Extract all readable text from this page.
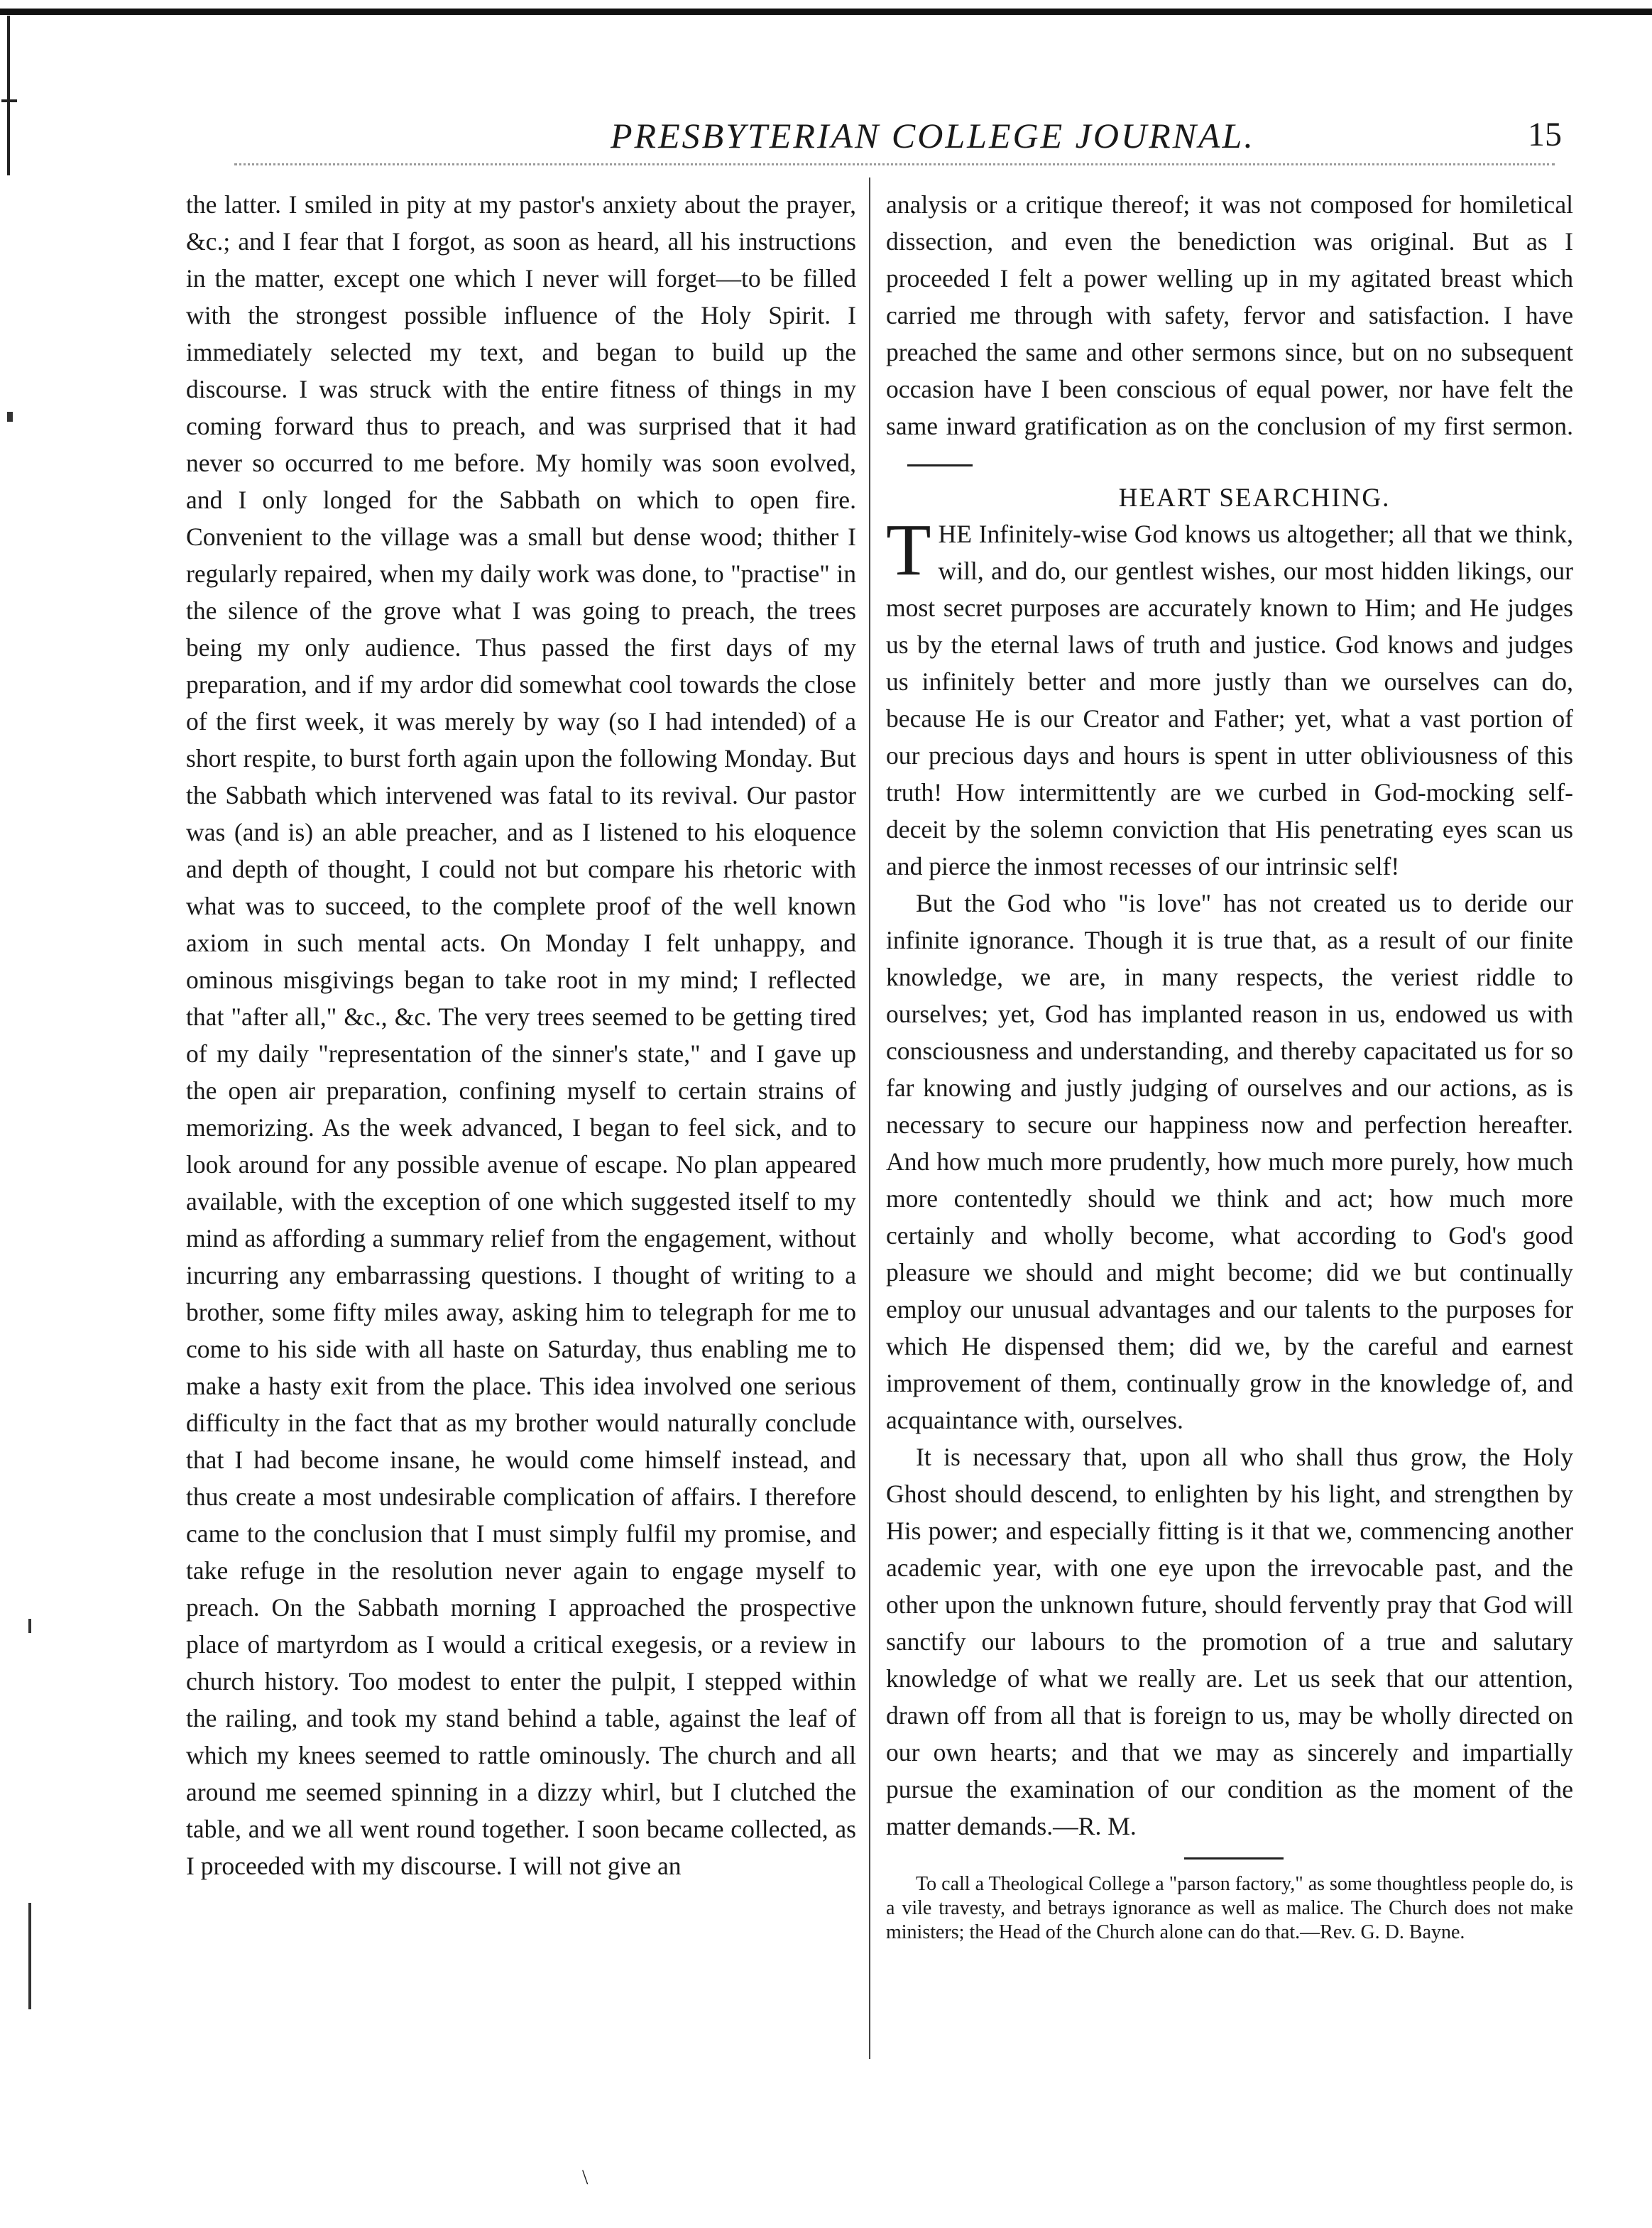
PRESBYTERIAN COLLEGE JOURNAL.	15

the latter. I smiled in pity at my pastor's anxiety about the prayer, &c.; and I fear that I forgot, as soon as heard, all his instructions in the matter, except one which I never will forget—to be filled with the strongest possible influence of the Holy Spirit. I immediately selected my text, and began to build up the discourse. I was struck with the entire fitness of things in my coming forward thus to preach, and was surprised that it had never so occurred to me before. My homily was soon evolved, and I only longed for the Sabbath on which to open fire. Convenient to the village was a small but dense wood; thither I regularly repaired, when my daily work was done, to "practise" in the silence of the grove what I was going to preach, the trees being my only audience. Thus passed the first days of my preparation, and if my ardor did somewhat cool towards the close of the first week, it was merely by way (so I had intended) of a short respite, to burst forth again upon the following Monday. But the Sabbath which intervened was fatal to its revival. Our pastor was (and is) an able preacher, and as I listened to his eloquence and depth of thought, I could not but compare his rhetoric with what was to succeed, to the complete proof of the well known axiom in such mental acts. On Monday I felt unhappy, and ominous misgivings began to take root in my mind; I reflected that "after all," &c., &c. The very trees seemed to be getting tired of my daily "representation of the sinner's state," and I gave up the open air preparation, confining myself to certain strains of memorizing. As the week advanced, I began to feel sick, and to look around for any possible avenue of escape. No plan appeared available, with the exception of one which suggested itself to my mind as affording a summary relief from the engagement, without incurring any embarrassing questions. I thought of writing to a brother, some fifty miles away, asking him to telegraph for me to come to his side with all haste on Saturday, thus enabling me to make a hasty exit from the place. This idea involved one serious difficulty in the fact that as my brother would naturally conclude that I had become insane, he would come himself instead, and thus create a most undesirable complication of affairs. I therefore came to the conclusion that I must simply fulfil my promise, and take refuge in the resolution never again to engage myself to preach. On the Sabbath morning I approached the prospective place of martyrdom as I would a critical exegesis, or a review in church history. Too modest to enter the pulpit, I stepped within the railing, and took my stand behind a table, against the leaf of which my knees seemed to rattle ominously. The church and all around me seemed spinning in a dizzy whirl, but I clutched the table, and we all went round together. I soon became collected, as I proceeded with my discourse. I will not give an

analysis or a critique thereof; it was not composed for homiletical dissection, and even the benediction was original. But as I proceeded I felt a power welling up in my agitated breast which carried me through with safety, fervor and satisfaction. I have preached the same and other sermons since, but on no subsequent occasion have I been conscious of equal power, nor have felt the same inward gratification as on the conclusion of my first sermon.

HEART SEARCHING.

THE Infinitely-wise God knows us altogether; all that we think, will, and do, our gentlest wishes, our most hidden likings, our most secret purposes are accurately known to Him; and He judges us by the eternal laws of truth and justice. God knows and judges us infinitely better and more justly than we ourselves can do, because He is our Creator and Father; yet, what a vast portion of our precious days and hours is spent in utter obliviousness of this truth! How intermittently are we curbed in God-mocking self-deceit by the solemn conviction that His penetrating eyes scan us and pierce the inmost recesses of our intrinsic self!

But the God who "is love" has not created us to deride our infinite ignorance. Though it is true that, as a result of our finite knowledge, we are, in many respects, the veriest riddle to ourselves; yet, God has implanted reason in us, endowed us with consciousness and understanding, and thereby capacitated us for so far knowing and justly judging of ourselves and our actions, as is necessary to secure our happiness now and perfection hereafter. And how much more prudently, how much more purely, how much more contentedly should we think and act; how much more certainly and wholly become, what according to God's good pleasure we should and might become; did we but continually employ our unusual advantages and our talents to the purposes for which He dispensed them; did we, by the careful and earnest improvement of them, continually grow in the knowledge of, and acquaintance with, ourselves.

It is necessary that, upon all who shall thus grow, the Holy Ghost should descend, to enlighten by his light, and strengthen by His power; and especially fitting is it that we, commencing another academic year, with one eye upon the irrevocable past, and the other upon the unknown future, should fervently pray that God will sanctify our labours to the promotion of a true and salutary knowledge of what we really are. Let us seek that our attention, drawn off from all that is foreign to us, may be wholly directed on our own hearts; and that we may as sincerely and impartially pursue the examination of our condition as the moment of the matter demands.—R. M.

To call a Theological College a "parson factory," as some thoughtless people do, is a vile travesty, and betrays ignorance as well as malice. The Church does not make ministers; the Head of the Church alone can do that.—Rev. G. D. Bayne.

\
